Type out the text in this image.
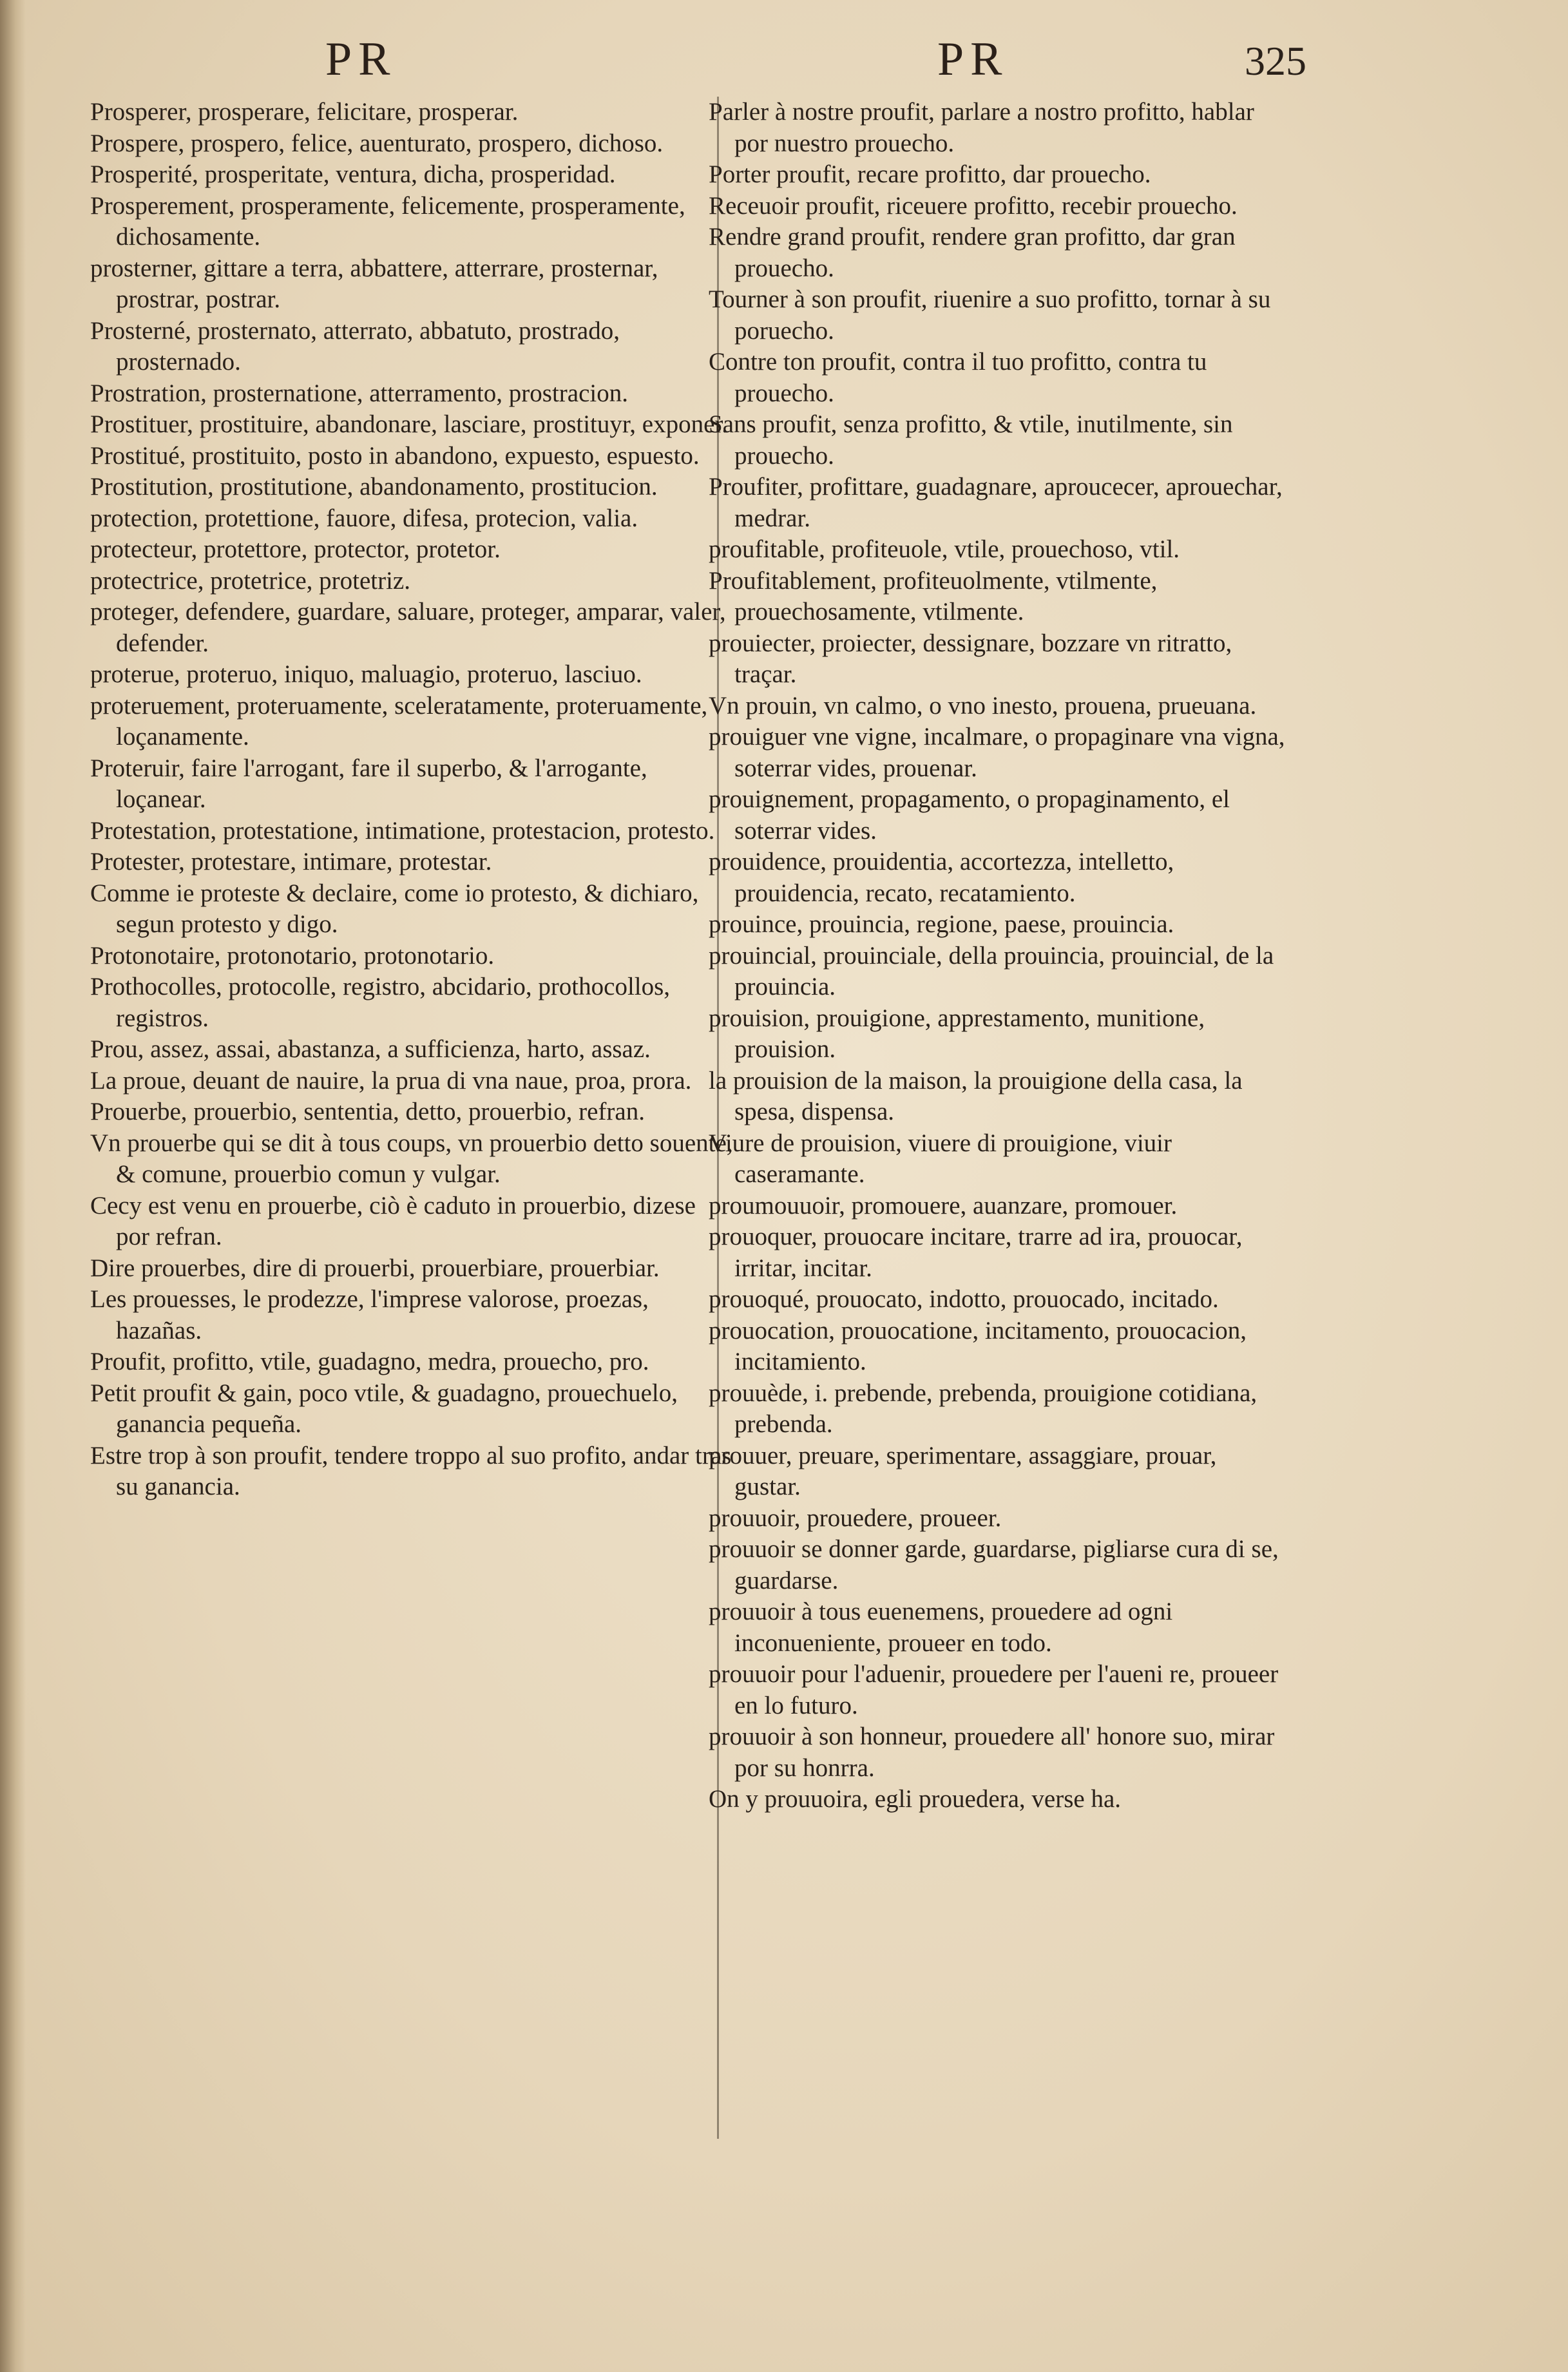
PR	PR	325

Prosperer, prosperare, felicitare, prosperar.

Prospere, prospero, felice, auenturato, prospero, dichoso.

Prosperité, prosperitate, ventura, dicha, prosperidad.

Prosperement, prosperamente, felicemente, prosperamente, dichosamente.

prosterner, gittare a terra, abbattere, atterrare, prosternar, prostrar, postrar.

Prosterné, prosternato, atterrato, abbatuto, prostrado, prosternado.

Prostration, prosternatione, atterramento, prostracion.

Prostituer, prostituire, abandonare, lasciare, prostituyr, exponer.

Prostitué, prostituito, posto in abandono, expuesto, espuesto.

Prostitution, prostitutione, abandonamento, prostitucion.

protection, protettione, fauore, difesa, protecion, valia.

protecteur, protettore, protector, protetor.

protectrice, protetrice, protetriz.

proteger, defendere, guardare, saluare, proteger, amparar, valer, defender.

proterue, proteruo, iniquo, maluagio, proteruo, lasciuo.

proteruement, proteruamente, sceleratamente, proteruamente, loçanamente.

Proteruir, faire l'arrogant, fare il superbo, & l'arrogante, loçanear.

Protestation, protestatione, intimatione, protestacion, protesto.

Protester, protestare, intimare, protestar.

Comme ie proteste & declaire, come io protesto, & dichiaro, segun protesto y digo.

Protonotaire, protonotario, protonotario.

Prothocolles, protocolle, registro, abcidario, prothocollos, registros.

Prou, assez, assai, abastanza, a sufficienza, harto, assaz.

La proue, deuant de nauire, la prua di vna naue, proa, prora.

Prouerbe, prouerbio, sententia, detto, prouerbio, refran.

Vn prouerbe qui se dit à tous coups, vn prouerbio detto souente, & comune, prouerbio comun y vulgar.

Cecy est venu en prouerbe, ciò è caduto in prouerbio, dizese por refran.

Dire prouerbes, dire di prouerbi, prouerbiare, prouerbiar.

Les prouesses, le prodezze, l'imprese valorose, proezas, hazañas.

Proufit, profitto, vtile, guadagno, medra, prouecho, pro.

Petit proufit & gain, poco vtile, & guadagno, prouechuelo, ganancia pequeña.

Estre trop à son proufit, tendere troppo al suo profito, andar tras su ganancia.

Parler à nostre proufit, parlare a nostro profitto, hablar por nuestro prouecho.

Porter proufit, recare profitto, dar prouecho.

Receuoir proufit, riceuere profitto, recebir prouecho.

Rendre grand proufit, rendere gran profitto, dar gran prouecho.

Tourner à son proufit, riuenire a suo profitto, tornar à su poruecho.

Contre ton proufit, contra il tuo profitto, contra tu prouecho.

Sans proufit, senza profitto, & vtile, inutilmente, sin prouecho.

Proufiter, profittare, guadagnare, aproucecer, aprouechar, medrar.

proufitable, profiteuole, vtile, prouechoso, vtil.

Proufitablement, profiteuolmente, vtilmente, prouechosamente, vtilmente.

prouiecter, proiecter, dessignare, bozzare vn ritratto, traçar.

Vn prouin, vn calmo, o vno inesto, prouena, prueuana.

prouiguer vne vigne, incalmare, o propaginare vna vigna, soterrar vides, prouenar.

prouignement, propagamento, o propaginamento, el soterrar vides.

prouidence, prouidentia, accortezza, intelletto, prouidencia, recato, recatamiento.

prouince, prouincia, regione, paese, prouincia.

prouincial, prouinciale, della prouincia, prouincial, de la prouincia.

prouision, prouigione, apprestamento, munitione, prouision.

la prouision de la maison, la prouigione della casa, la spesa, dispensa.

Viure de prouision, viuere di prouigione, viuir caseramante.

proumouuoir, promouere, auanzare, promouer.

prouoquer, prouocare incitare, trarre ad ira, prouocar, irritar, incitar.

prouoqué, prouocato, indotto, prouocado, incitado.

prouocation, prouocatione, incitamento, prouocacion, incitamiento.

prouuède, i. prebende, prebenda, prouigione cotidiana, prebenda.

prouuer, preuare, sperimentare, assaggiare, prouar, gustar.

prouuoir, prouedere, proueer.

prouuoir se donner garde, guardarse, pigliarse cura di se, guardarse.

prouuoir à tous euenemens, prouedere ad ogni inconueniente, proueer en todo.

prouuoir pour l'aduenir, prouedere per l'aueni re, proueer en lo futuro.

prouuoir à son honneur, prouedere all' honore suo, mirar por su honrra.

On y prouuoira, egli prouedera, verse ha.
